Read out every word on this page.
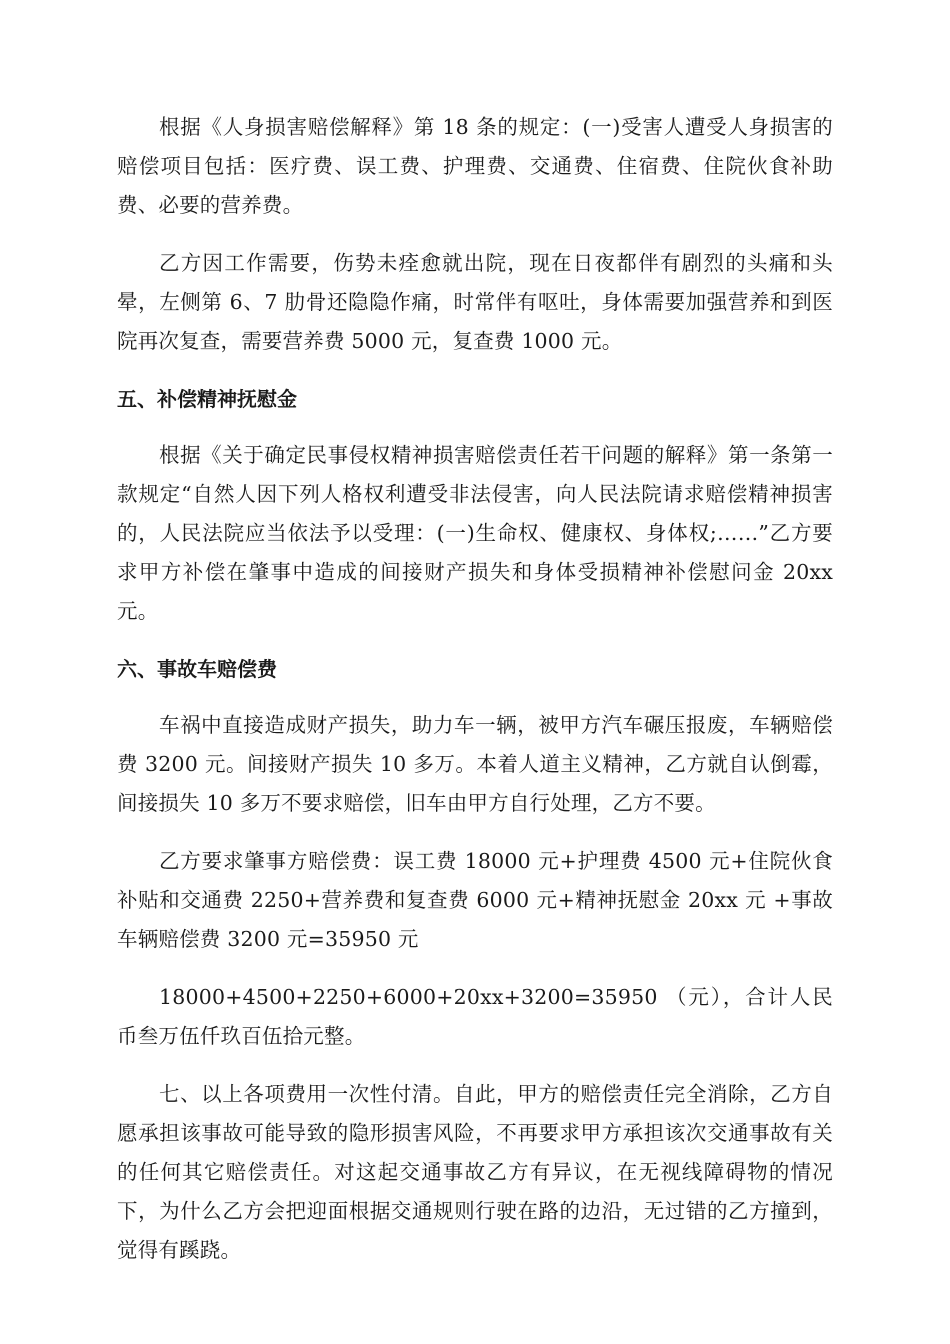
根据《人身损害赔偿解释》第 18 条的规定：(一)受害人遭受人身损害的赔偿项目包括：医疗费、误工费、护理费、交通费、住宿费、住院伙食补助费、必要的营养费。

乙方因工作需要，伤势未痊愈就出院，现在日夜都伴有剧烈的头痛和头晕，左侧第 6、7 肋骨还隐隐作痛，时常伴有呕吐，身体需要加强营养和到医院再次复查，需要营养费 5000 元，复查费 1000 元。

五、补偿精神抚慰金

根据《关于确定民事侵权精神损害赔偿责任若干问题的解释》第一条第一款规定“自然人因下列人格权利遭受非法侵害，向人民法院请求赔偿精神损害的，人民法院应当依法予以受理：(一)生命权、健康权、身体权;……”乙方要求甲方补偿在肇事中造成的间接财产损失和身体受损精神补偿慰问金 20xx 元。

六、事故车赔偿费

车祸中直接造成财产损失，助力车一辆，被甲方汽车碾压报废，车辆赔偿费 3200 元。间接财产损失 10 多万。本着人道主义精神，乙方就自认倒霉，间接损失 10 多万不要求赔偿，旧车由甲方自行处理，乙方不要。

乙方要求肇事方赔偿费：误工费 18000 元+护理费 4500 元+住院伙食补贴和交通费 2250+营养费和复查费 6000 元+精神抚慰金 20xx 元 +事故车辆赔偿费 3200 元=35950 元

18000+4500+2250+6000+20xx+3200=35950 （元），合计人民币叁万伍仟玖百伍拾元整。

七、以上各项费用一次性付清。自此，甲方的赔偿责任完全消除，乙方自愿承担该事故可能导致的隐形损害风险，不再要求甲方承担该次交通事故有关的任何其它赔偿责任。对这起交通事故乙方有异议，在无视线障碍物的情况下，为什么乙方会把迎面根据交通规则行驶在路的边沿，无过错的乙方撞到，觉得有蹊跷。
